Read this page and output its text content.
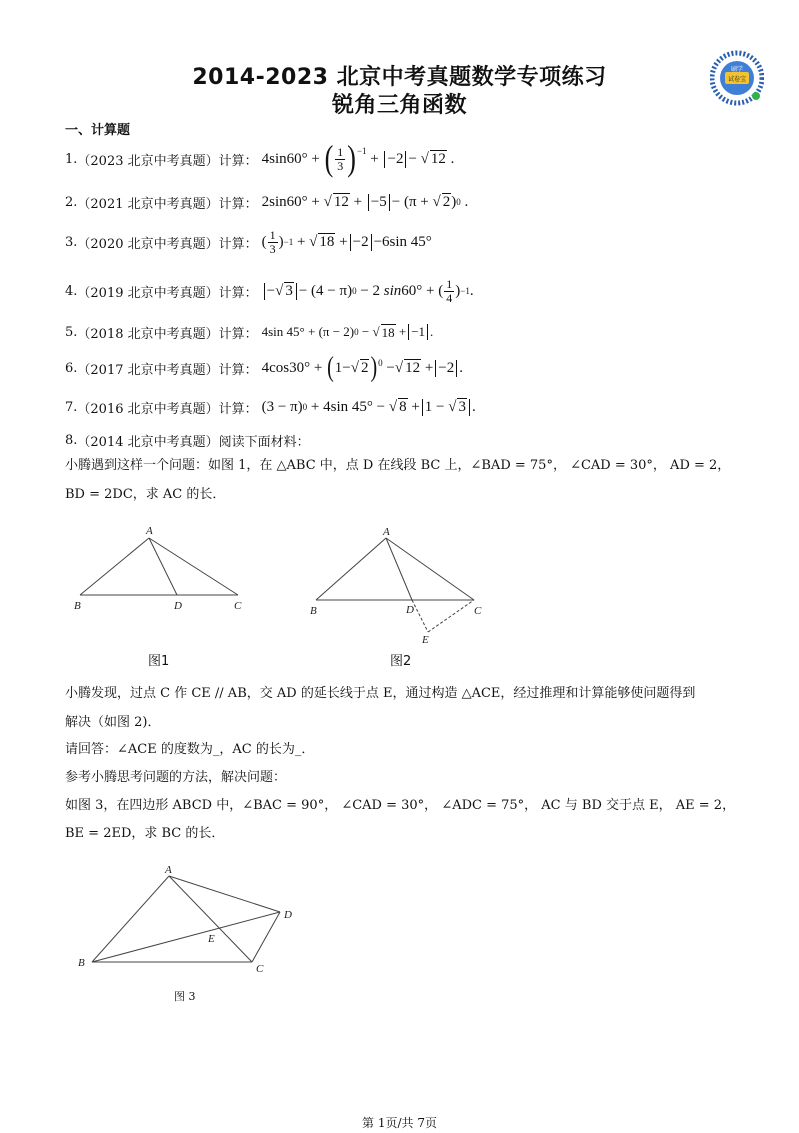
2014-2023 北京中考真题数学专项练习
锐角三角函数
刷学
试卷宝
一、计算题
1. （2023 北京中考真题）计算： 4sin60° + ( $\frac{1}{3} )^{-1} + -2$ − √ 12 .
2. （2021 北京中考真题）计算： 2sin60° + √ 12 + −5 − (π + √ 2 ) 0 .
3. （2020 北京中考真题）计算： ( $\frac{1}{3}$ ) −1 + √ 18 + −2 −6sin 45°
4. （2019 北京中考真题）计算： −√ 3 − (4 − π) 0 − 2 sin 60° + ( $\frac{1}{4}$ ) −1 .
5. （2018 北京中考真题）计算： 4sin 45° + (π − 2) 0 − √ 18 + −1 .
6. （2017 北京中考真题）计算： 4cos30° + ( 1−√ 2 )$^0$ −√ 12 + −2 .
7. （2016 北京中考真题）计算： (3 − π) 0 + 4sin 45° − √ 8 + 1 − √ 3 .
8. （2014 北京中考真题）阅读下面材料：
小腾遇到这样一个问题：如图 1，在 △ABC 中，点 D 在线段 BC 上，∠BAD = 75°， ∠CAD = 30°， AD = 2，
BD = 2DC，求 AC 的长．
A
B	D	C
图1
A
B	D	C
E
图2
小腾发现，过点 C 作 CE // AB，交 AD 的延长线于点 E，通过构造 △ACE，经过推理和计算能够使问题得到
解决（如图 2)．
请回答：∠ACE 的度数为_，AC 的长为_．
参考小腾思考问题的方法，解决问题：
如图 3，在四边形 ABCD 中，∠BAC = 90°， ∠CAD = 30°， ∠ADC = 75°， AC 与 BD 交于点 E， AE = 2，
BE = 2ED，求 BC 的长．
A
B	C
D
E
图 3
第 1页/共 7页
